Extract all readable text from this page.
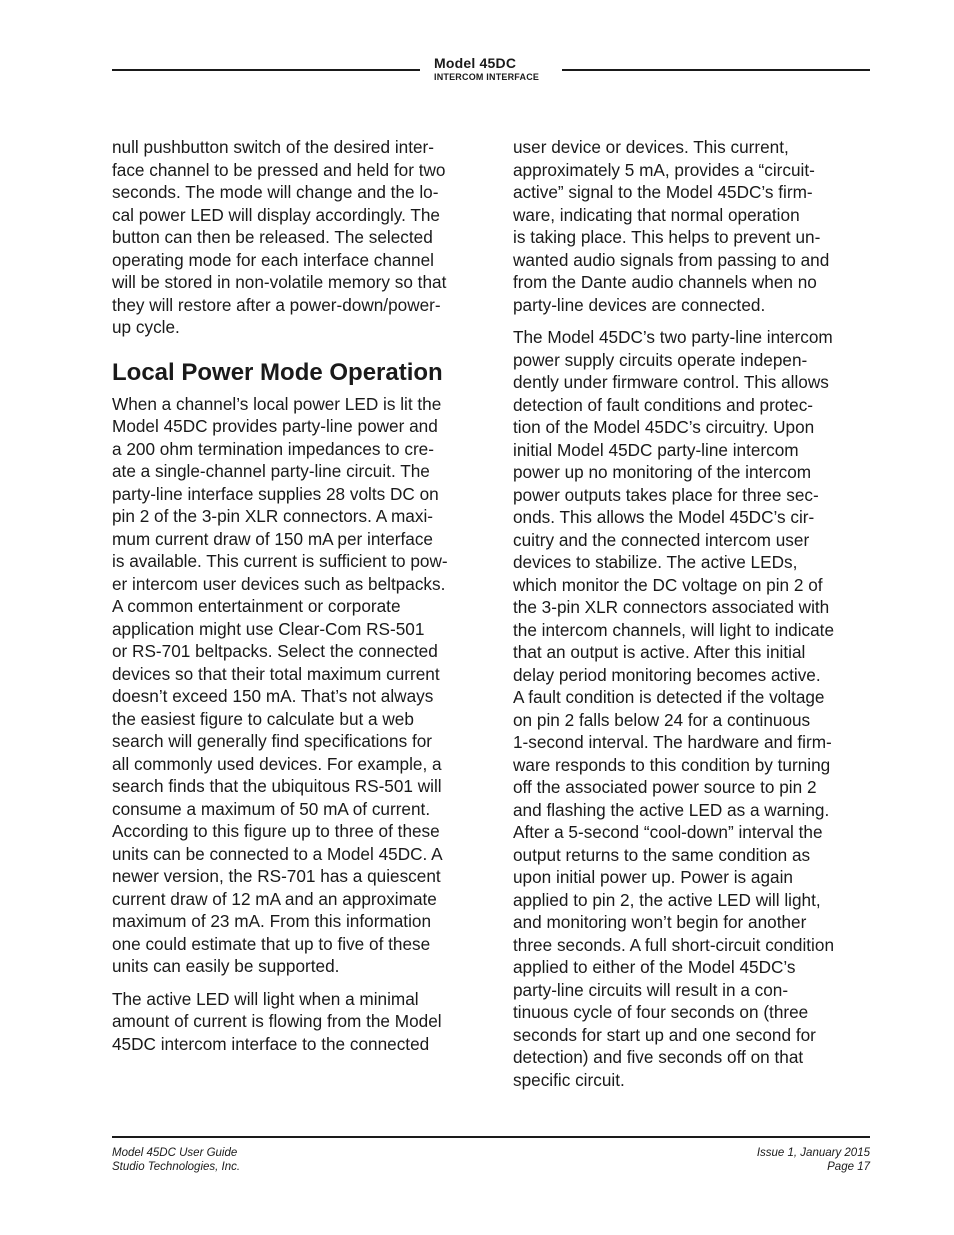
Model 45DC
INTERCOM INTERFACE

null pushbutton switch of the desired inter-
face channel to be pressed and held for two
seconds. The mode will change and the lo-
cal power LED will display accordingly. The
button can then be released. The selected
operating mode for each interface channel
will be stored in non-volatile memory so that
they will restore after a power-down/power-
up cycle.

Local Power Mode Operation

When a channel’s local power LED is lit the
Model 45DC provides party-line power and
a 200 ohm termination impedances to cre-
ate a single-channel party-line circuit. The
party-line interface supplies 28 volts DC on
pin 2 of the 3-pin XLR connectors. A maxi-
mum current draw of 150 mA per interface
is available. This current is sufficient to pow-
er intercom user devices such as beltpacks.
A common entertainment or corporate
application might use Clear-Com RS-501
or RS-701 beltpacks. Select the connected
devices so that their total maximum current
doesn’t exceed 150 mA. That’s not always
the easiest figure to calculate but a web
search will generally find specifications for
all commonly used devices. For example, a
search finds that the ubiquitous RS-501 will
consume a maximum of 50 mA of current.
According to this figure up to three of these
units can be connected to a Model 45DC. A
newer version, the RS-701 has a quiescent
current draw of 12 mA and an approximate
maximum of 23 mA. From this information
one could estimate that up to five of these
units can easily be supported.

The active LED will light when a minimal
amount of current is flowing from the Model
45DC intercom interface to the connected

user device or devices. This current,
approximately 5 mA, provides a “circuit-
active” signal to the Model 45DC’s firm-
ware, indicating that normal operation
is taking place. This helps to prevent un-
wanted audio signals from passing to and
from the Dante audio channels when no
party-line devices are connected.

The Model 45DC’s two party-line intercom
power supply circuits operate indepen-
dently under firmware control. This allows
detection of fault conditions and protec-
tion of the Model 45DC’s circuitry. Upon
initial Model 45DC party-line intercom
power up no monitoring of the intercom
power outputs takes place for three sec-
onds. This allows the Model 45DC’s cir-
cuitry and the connected intercom user
devices to stabilize. The active LEDs,
which monitor the DC voltage on pin 2 of
the 3-pin XLR connectors associated with
the intercom channels, will light to indicate
that an output is active. After this initial
delay period monitoring becomes active.
A fault condition is detected if the voltage
on pin 2 falls below 24 for a continuous
1-second interval. The hardware and firm-
ware responds to this condition by turning
off the associated power source to pin 2
and flashing the active LED as a warning.
After a 5-second “cool-down” interval the
output returns to the same condition as
upon initial power up. Power is again
applied to pin 2, the active LED will light,
and monitoring won’t begin for another
three seconds. A full short-circuit condition
applied to either of the Model 45DC’s
party-line circuits will result in a con-
tinuous cycle of four seconds on (three
seconds for start up and one second for
detection) and five seconds off on that
specific circuit.

Model 45DC User Guide
Studio Technologies, Inc.
Issue 1, January 2015
Page 17
